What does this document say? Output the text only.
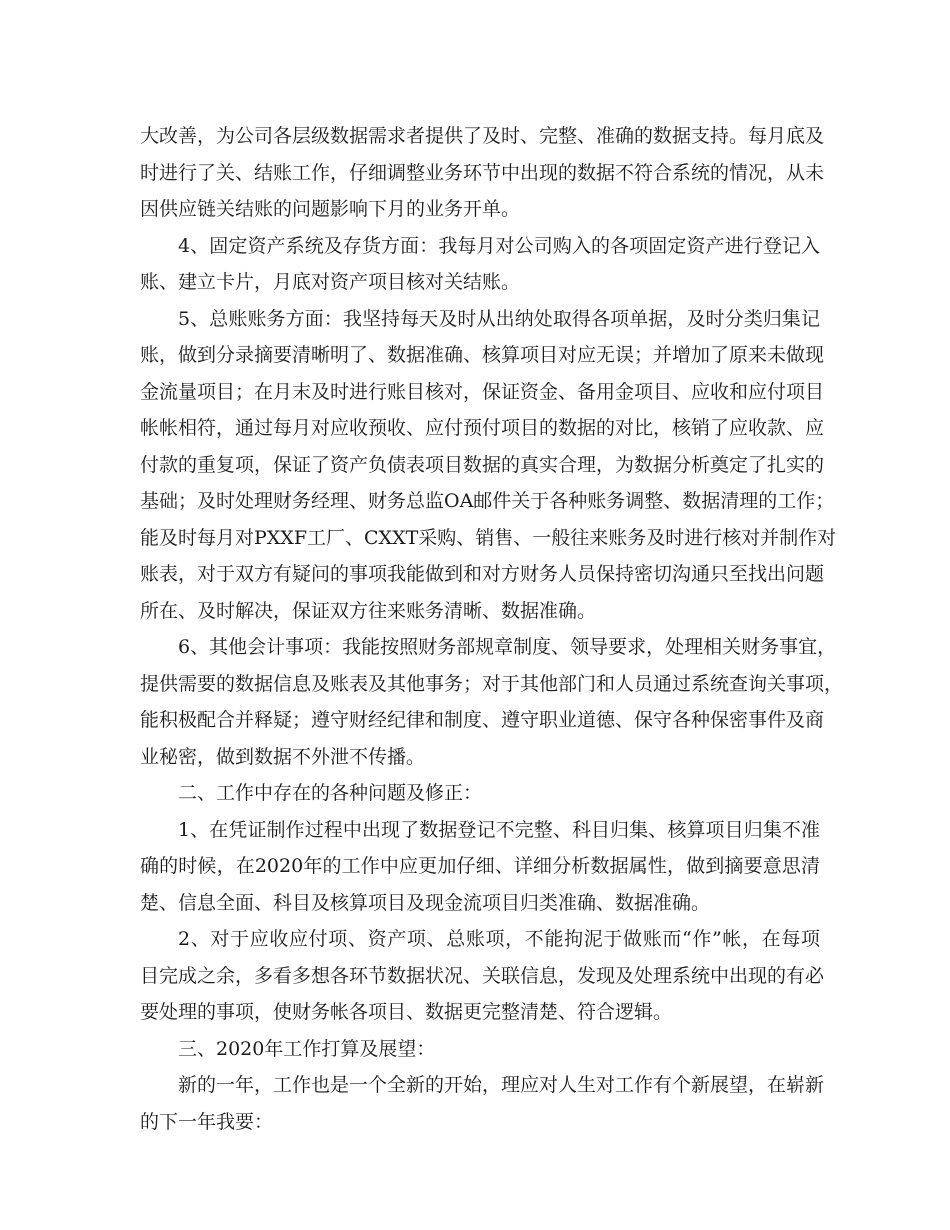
大改善，为公司各层级数据需求者提供了及时、完整、准确的数据支持。每月底及
时进行了关、结账工作，仔细调整业务环节中出现的数据不符合系统的情况，从未
因供应链关结账的问题影响下月的业务开单。
4、固定资产系统及存货方面：我每月对公司购入的各项固定资产进行登记入
账、建立卡片，月底对资产项目核对关结账。
5、总账账务方面：我坚持每天及时从出纳处取得各项单据，及时分类归集记
账，做到分录摘要清晰明了、数据准确、核算项目对应无误；并增加了原来未做现
金流量项目；在月末及时进行账目核对，保证资金、备用金项目、应收和应付项目
帐帐相符，通过每月对应收预收、应付预付项目的数据的对比，核销了应收款、应
付款的重复项，保证了资产负债表项目数据的真实合理，为数据分析奠定了扎实的
基础；及时处理财务经理、财务总监OA邮件关于各种账务调整、数据清理的工作；
能及时每月对PXXF工厂、CXXT采购、销售、一般往来账务及时进行核对并制作对
账表，对于双方有疑问的事项我能做到和对方财务人员保持密切沟通只至找出问题
所在、及时解决，保证双方往来账务清晰、数据准确。
6、其他会计事项：我能按照财务部规章制度、领导要求，处理相关财务事宜，
提供需要的数据信息及账表及其他事务；对于其他部门和人员通过系统查询关事项，
能积极配合并释疑；遵守财经纪律和制度、遵守职业道德、保守各种保密事件及商
业秘密，做到数据不外泄不传播。
二、工作中存在的各种问题及修正：
1、在凭证制作过程中出现了数据登记不完整、科目归集、核算项目归集不准
确的时候，在2020年的工作中应更加仔细、详细分析数据属性，做到摘要意思清
楚、信息全面、科目及核算项目及现金流项目归类准确、数据准确。
2、对于应收应付项、资产项、总账项，不能拘泥于做账而“作”帐，在每项
目完成之余，多看多想各环节数据状况、关联信息，发现及处理系统中出现的有必
要处理的事项，使财务帐各项目、数据更完整清楚、符合逻辑。
三、2020年工作打算及展望：
新的一年，工作也是一个全新的开始，理应对人生对工作有个新展望，在崭新
的下一年我要：
